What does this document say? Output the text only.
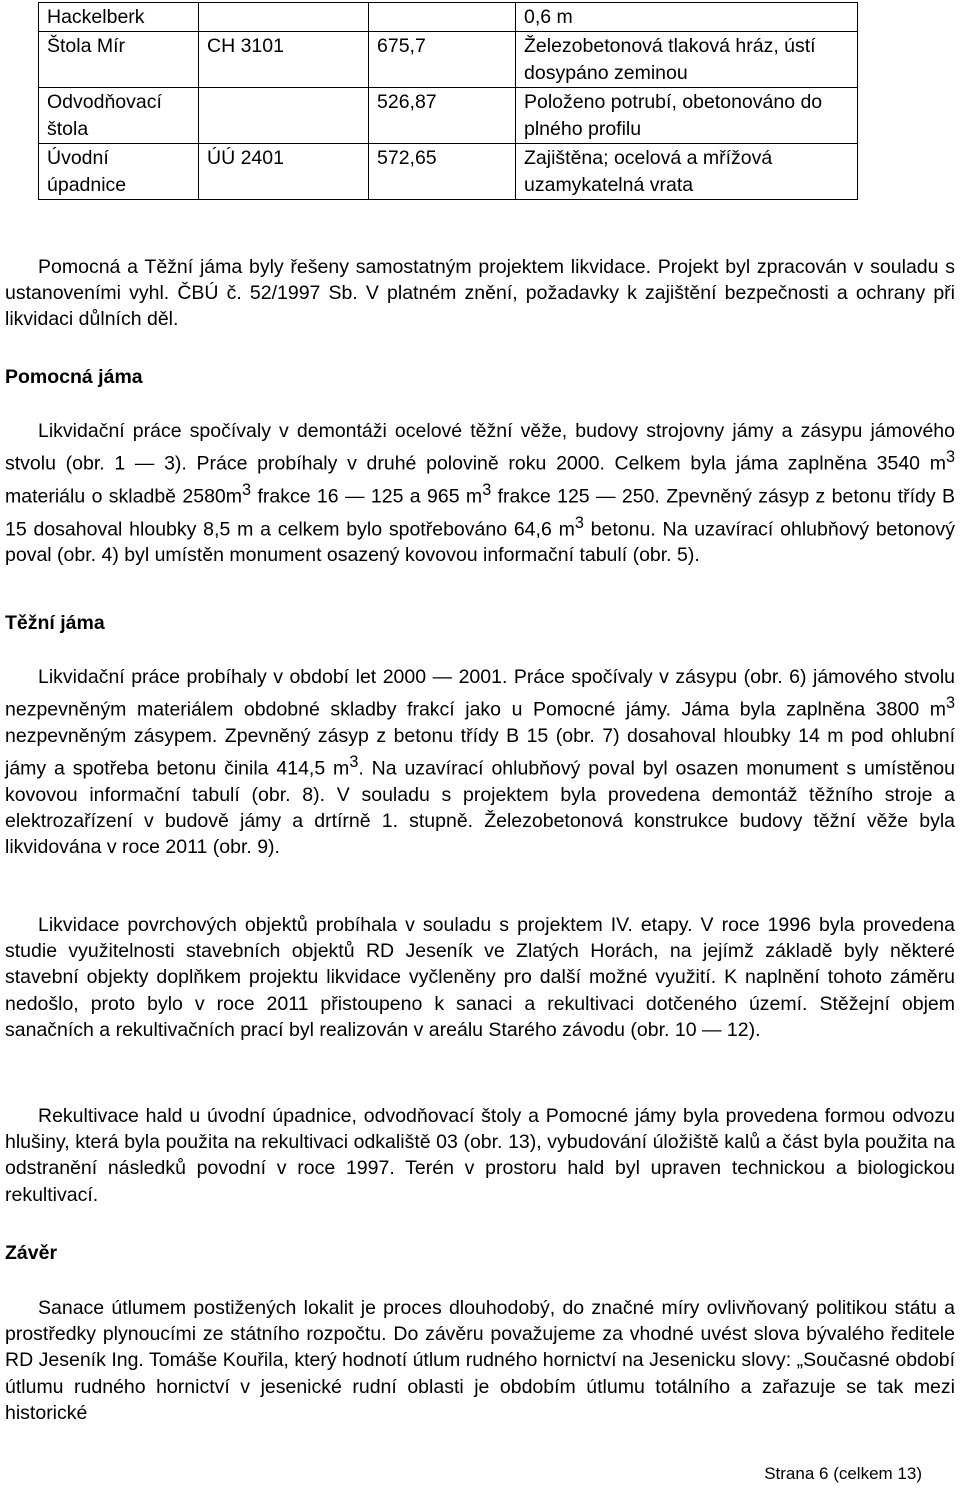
Hackelberk			0,6 m
Štola Mír	CH 3101	675,7	Železobetonová tlaková hráz, ústí dosypáno zeminou
Odvodňovací štola		526,87	Položeno potrubí, obetonováno do plného profilu
Úvodní úpadnice	ÚÚ 2401	572,65	Zajištěna; ocelová a mřížová uzamykatelná vrata

Pomocná a Těžní jáma byly řešeny samostatným projektem likvidace. Projekt byl zpracován v souladu s ustanoveními vyhl. ČBÚ č. 52/1997 Sb. V platném znění, požadavky k zajištění bezpečnosti a ochrany při likvidaci důlních děl.

Pomocná jáma

Likvidační práce spočívaly v demontáži ocelové těžní věže, budovy strojovny jámy a zásypu jámového stvolu (obr. 1 — 3). Práce probíhaly v druhé polovině roku 2000. Celkem byla jáma zaplněna 3540 $m^3$ materiálu o skladbě $2580m^3$ frakce 16 — 125 a 965 $m^3$ frakce 125 — 250. Zpevněný zásyp z betonu třídy B 15 dosahoval hloubky 8,5 m a celkem bylo spotřebováno 64,6 $m^3$ betonu. Na uzavírací ohlubňový betonový poval (obr. 4) byl umístěn monument osazený kovovou informační tabulí (obr. 5).

Těžní jáma

Likvidační práce probíhaly v období let 2000 — 2001. Práce spočívaly v zásypu (obr. 6) jámového stvolu nezpevněným materiálem obdobné skladby frakcí jako u Pomocné jámy. Jáma byla zaplněna 3800 $m^3$ nezpevněným zásypem. Zpevněný zásyp z betonu třídy B 15 (obr. 7) dosahoval hloubky 14 m pod ohlubní jámy a spotřeba betonu činila 414,5 $m^3$. Na uzavírací ohlubňový poval byl osazen monument s umístěnou kovovou informační tabulí (obr. 8). V souladu s projektem byla provedena demontáž těžního stroje a elektrozařízení v budově jámy a drtírně 1. stupně. Železobetonová konstrukce budovy těžní věže byla likvidována v roce 2011 (obr. 9).

Likvidace povrchových objektů probíhala v souladu s projektem IV. etapy. V roce 1996 byla provedena studie využitelnosti stavebních objektů RD Jeseník ve Zlatých Horách, na jejímž základě byly některé stavební objekty doplňkem projektu likvidace vyčleněny pro další možné využití. K naplnění tohoto záměru nedošlo, proto bylo v roce 2011 přistoupeno k sanaci a rekultivaci dotčeného území. Stěžejní objem sanačních a rekultivačních prací byl realizován v areálu Starého závodu (obr. 10 — 12).

Rekultivace hald u úvodní úpadnice, odvodňovací štoly a Pomocné jámy byla provedena formou odvozu hlušiny, která byla použita na rekultivaci odkaliště 03 (obr. 13), vybudování úložiště kalů a část byla použita na odstranění následků povodní v roce 1997. Terén v prostoru hald byl upraven technickou a biologickou rekultivací.

Závěr

Sanace útlumem postižených lokalit je proces dlouhodobý, do značné míry ovlivňovaný politikou státu a prostředky plynoucími ze státního rozpočtu. Do závěru považujeme za vhodné uvést slova bývalého ředitele RD Jeseník Ing. Tomáše Kouřila, který hodnotí útlum rudného hornictví na Jesenicku slovy: „Současné období útlumu rudného hornictví v jesenické rudní oblasti je obdobím útlumu totálního a zařazuje se tak mezi historické

Strana 6 (celkem 13)
